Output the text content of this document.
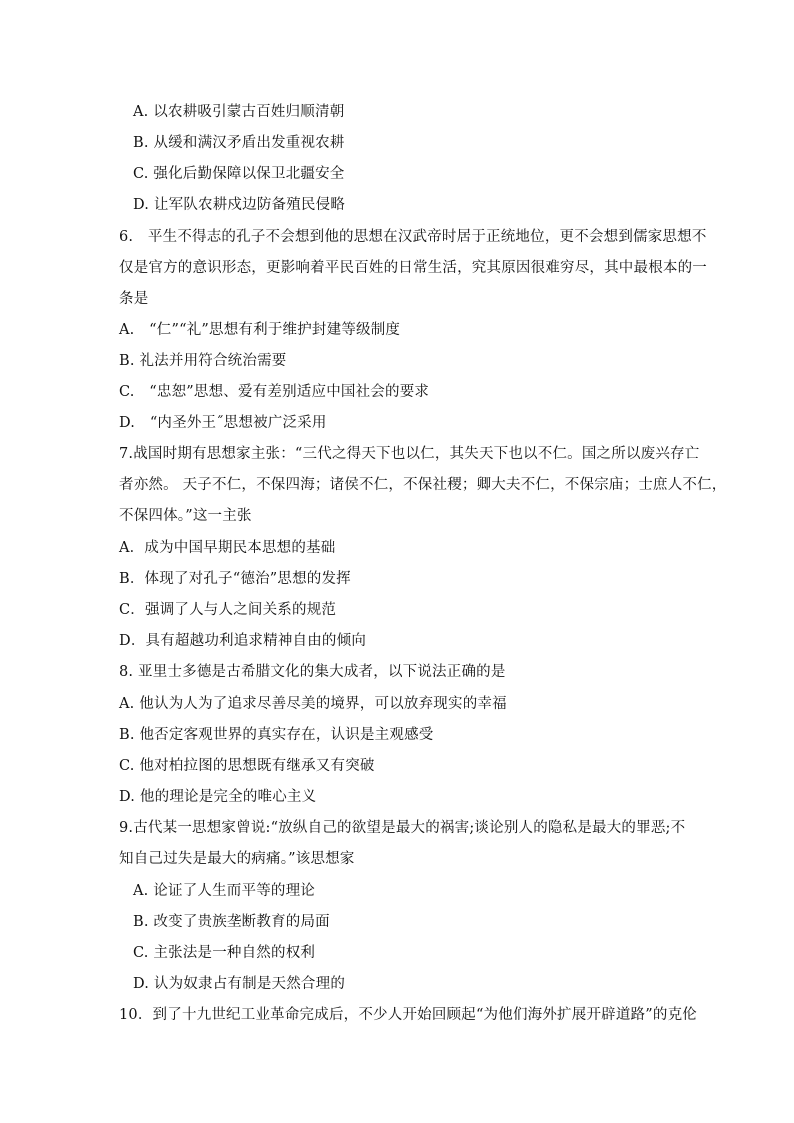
A. 以农耕吸引蒙古百姓归顺清朝
B. 从缓和满汉矛盾出发重视农耕
C. 强化后勤保障以保卫北疆安全
D. 让军队农耕戍边防备殖民侵略
6.　平生不得志的孔子不会想到他的思想在汉武帝时居于正统地位，更不会想到儒家思想不
仅是官方的意识形态，更影响着平民百姓的日常生活，究其原因很难穷尽，其中最根本的一
条是
A.　“仁”“礼”思想有利于维护封建等级制度
B. 礼法并用符合统治需要
C.　“忠恕”思想、爱有差别适应中国社会的要求
D.　“内圣外王˝思想被广泛采用
7.战国时期有思想家主张：“三代之得天下也以仁，其失天下也以不仁。国之所以废兴存亡
者亦然。 天子不仁，不保四海；诸侯不仁，不保社稷；卿大夫不仁，不保宗庙；士庶人不仁，
不保四体。”这一主张
A．成为中国早期民本思想的基础
B．体现了对孔子“德治”思想的发挥
C．强调了人与人之间关系的规范
D．具有超越功利追求精神自由的倾向
8. 亚里士多德是古希腊文化的集大成者，以下说法正确的是
A. 他认为人为了追求尽善尽美的境界，可以放弃现实的幸福
B. 他否定客观世界的真实存在，认识是主观感受
C. 他对柏拉图的思想既有继承又有突破
D. 他的理论是完全的唯心主义
9.古代某一思想家曾说:“放纵自己的欲望是最大的祸害;谈论别人的隐私是最大的罪恶;不
知自己过失是最大的病痛。”该思想家
A. 论证了人生而平等的理论
B. 改变了贵族垄断教育的局面
C. 主张法是一种自然的权利
D. 认为奴隶占有制是天然合理的
10．到了十九世纪工业革命完成后，不少人开始回顾起“为他们海外扩展开辟道路”的克伦
